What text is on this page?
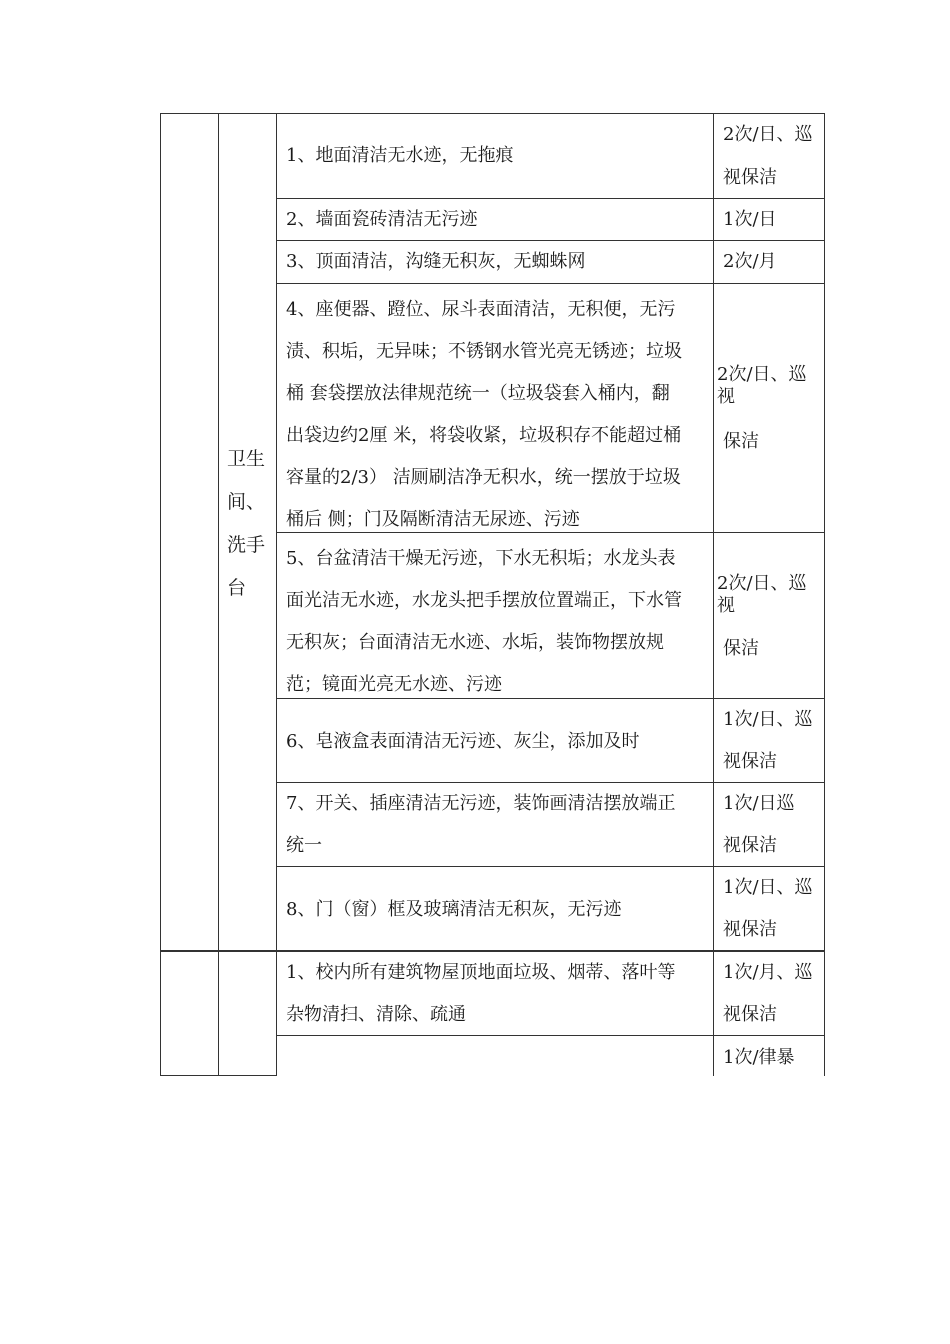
卫生间、洗手台
1、地面清洁无水迹，无拖痕
2次/日、巡
视保洁
2、墙面瓷砖清洁无污迹	1次/日
3、顶面清洁，沟缝无积灰，无蜘蛛网	2次/月
4、座便器、蹬位、尿斗表面清洁，无积便，无污
渍、积垢，无异味；不锈钢水管光亮无锈迹；垃圾
桶 套袋摆放法律规范统一（垃圾袋套入桶内，翻
出袋边约2厘 米，将袋收紧，垃圾积存不能超过桶
容量的2/3） 洁厕刷洁净无积水，统一摆放于垃圾
桶后 侧；门及隔断清洁无尿迹、污迹
2次/日、巡视
保洁
5、台盆清洁干燥无污迹，下水无积垢；水龙头表
面光洁无水迹，水龙头把手摆放位置端正，下水管
无积灰；台面清洁无水迹、水垢，装饰物摆放规
范；镜面光亮无水迹、污迹
2次/日、巡视
保洁
6、皂液盒表面清洁无污迹、灰尘，添加及时
1次/日、巡
视保洁
7、开关、插座清洁无污迹，装饰画清洁摆放端正
统一
1次/日巡
视保洁
8、门（窗）框及玻璃清洁无积灰，无污迹
1次/日、巡
视保洁
1、校内所有建筑物屋顶地面垃圾、烟蒂、落叶等
杂物清扫、清除、疏通
1次/月、巡
视保洁
1次/律暴
